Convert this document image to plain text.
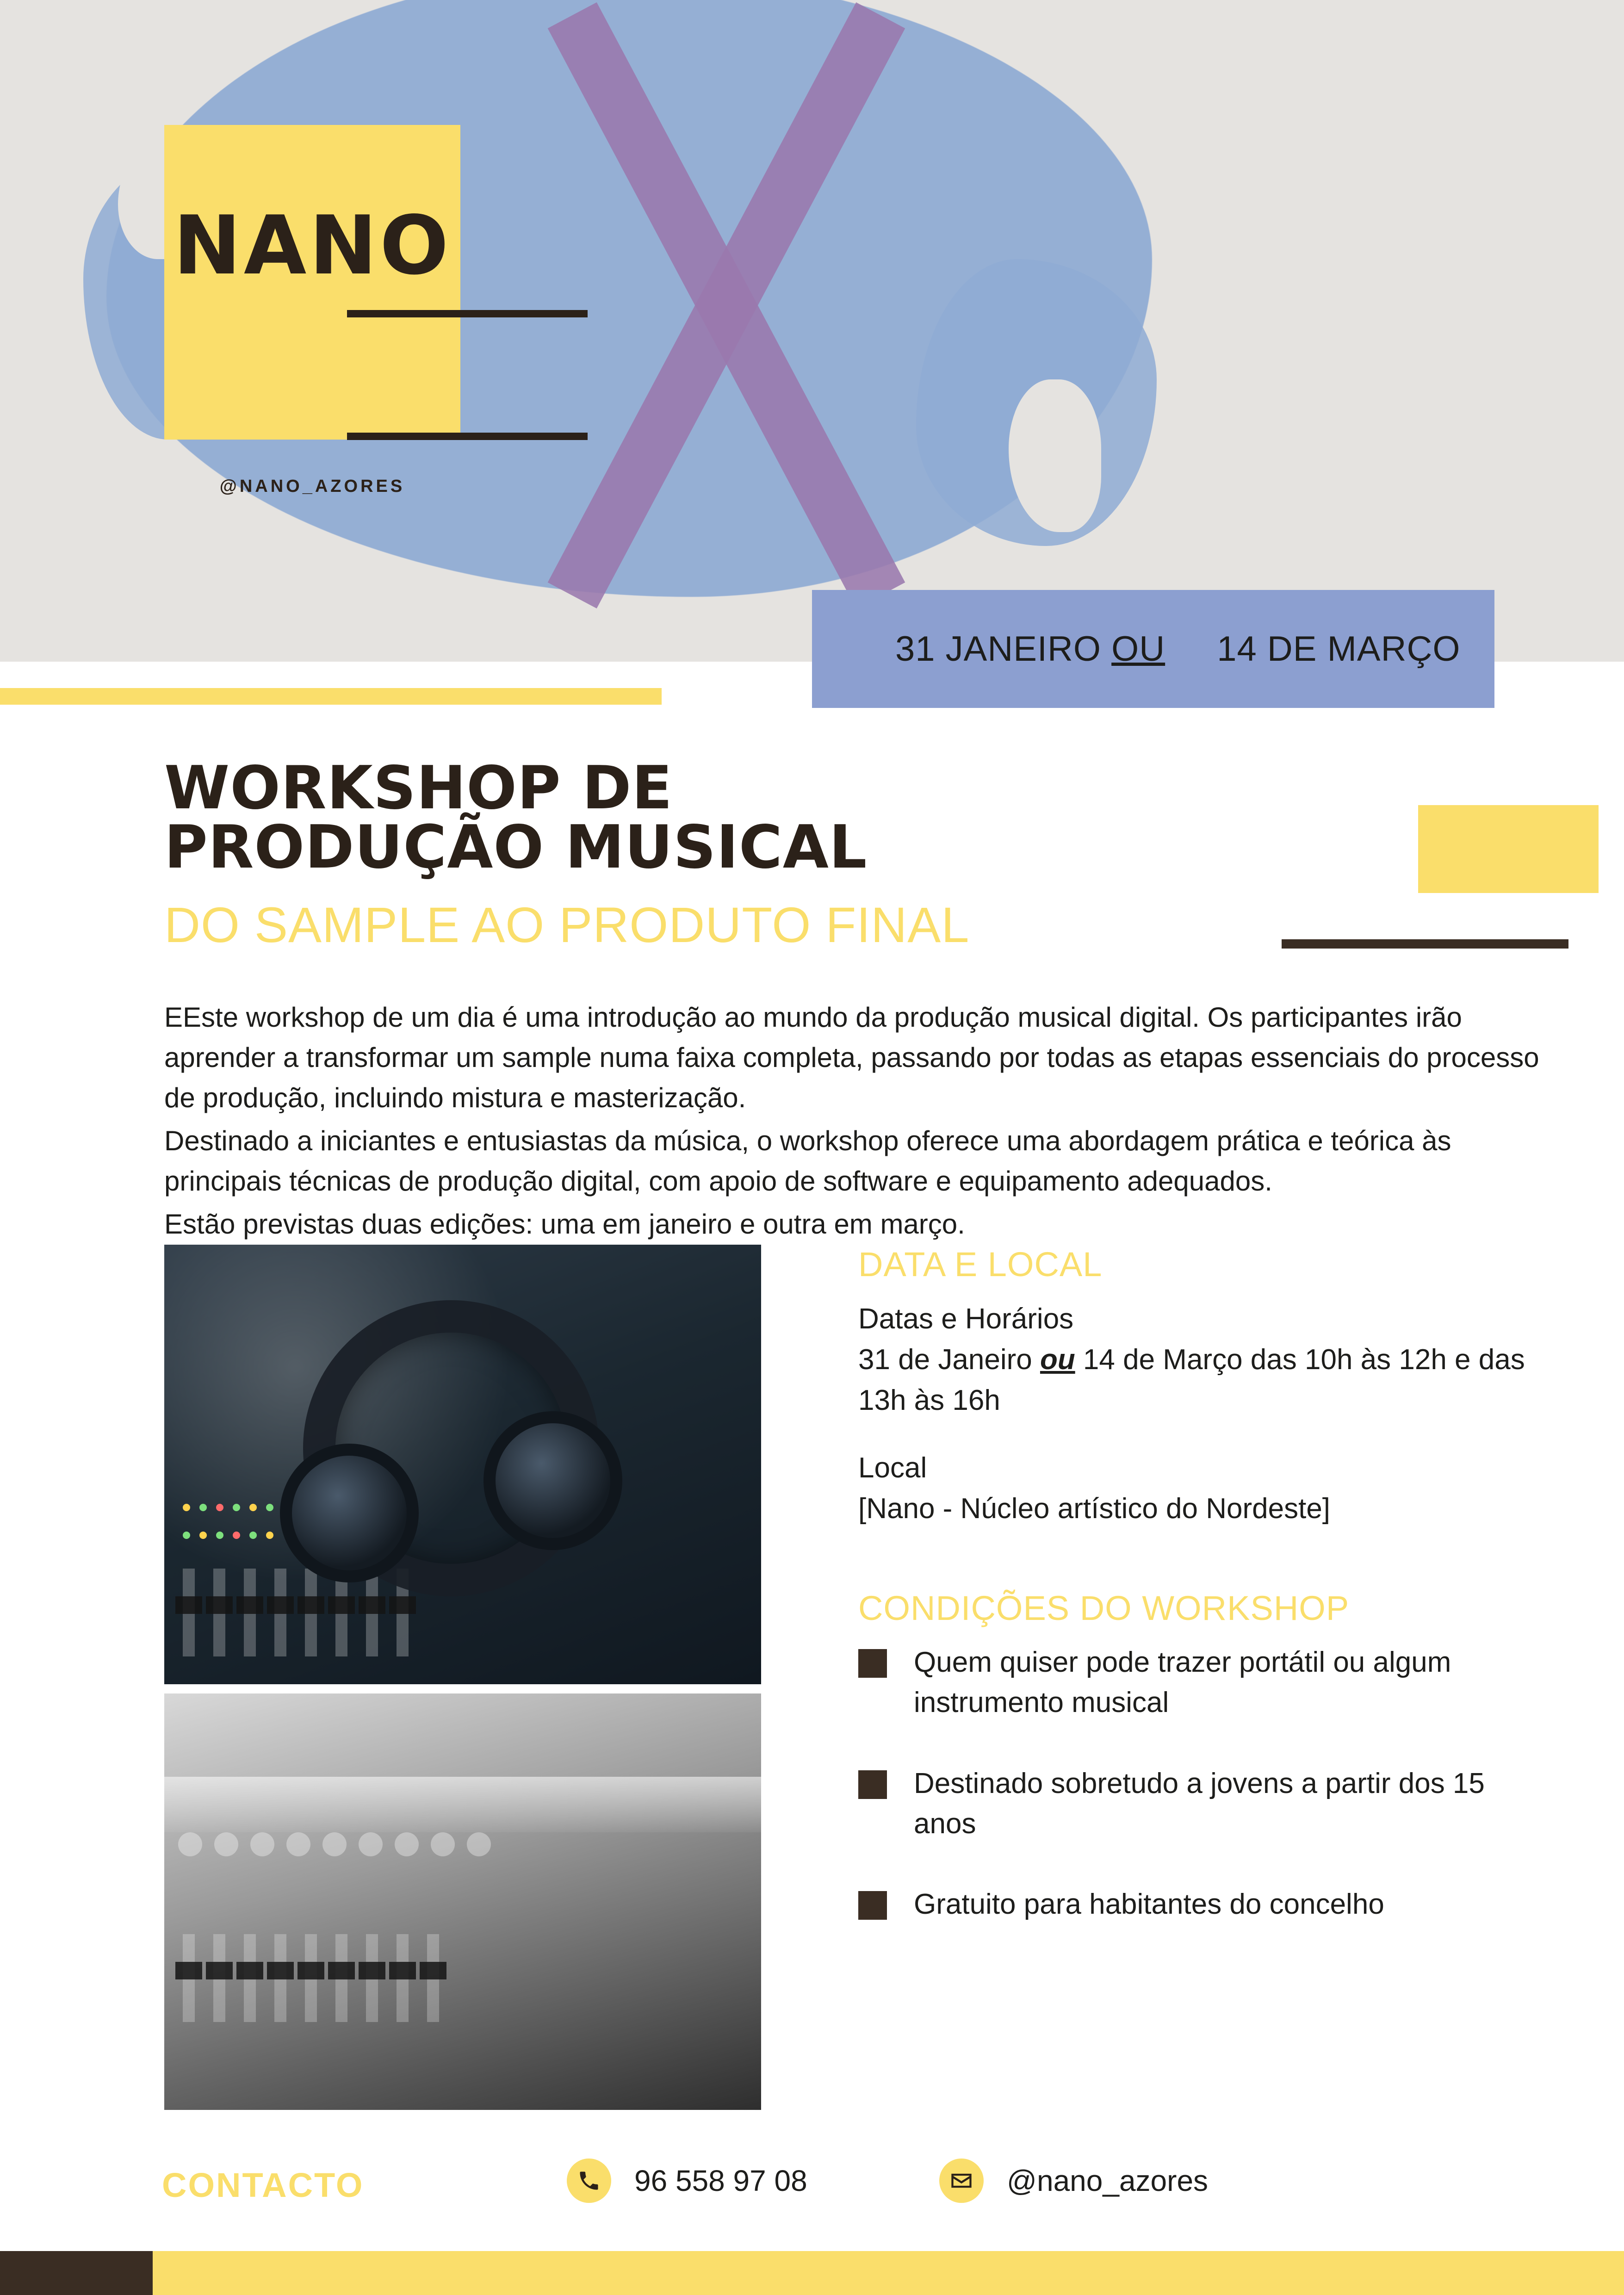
NANO
@NANO_AZORES
31 JANEIRO OU 14 DE MARÇO
WORKSHOP DE
PRODUÇÃO MUSICAL
DO SAMPLE AO PRODUTO FINAL

EEste workshop de um dia é uma introdução ao mundo da produção musical digital. Os participantes irão aprender a transformar um sample numa faixa completa, passando por todas as etapas essenciais do processo de produção, incluindo mistura e masterização.

Destinado a iniciantes e entusiastas da música, o workshop oferece uma abordagem prática e teórica às principais técnicas de produção digital, com apoio de software e equipamento adequados.

Estão previstas duas edições: uma em janeiro e outra em março.

DATA E LOCAL
Datas e Horários
31 de Janeiro ou 14 de Março das 10h às 12h e das 13h às 16h
Local
[Nano - Núcleo artístico do Nordeste]
CONDIÇÕES DO WORKSHOP
Quem quiser pode trazer portátil ou algum instrumento musical
Destinado sobretudo a jovens a partir dos 15 anos
Gratuito para habitantes do concelho
CONTACTO	96 558 97 08	@nano_azores
